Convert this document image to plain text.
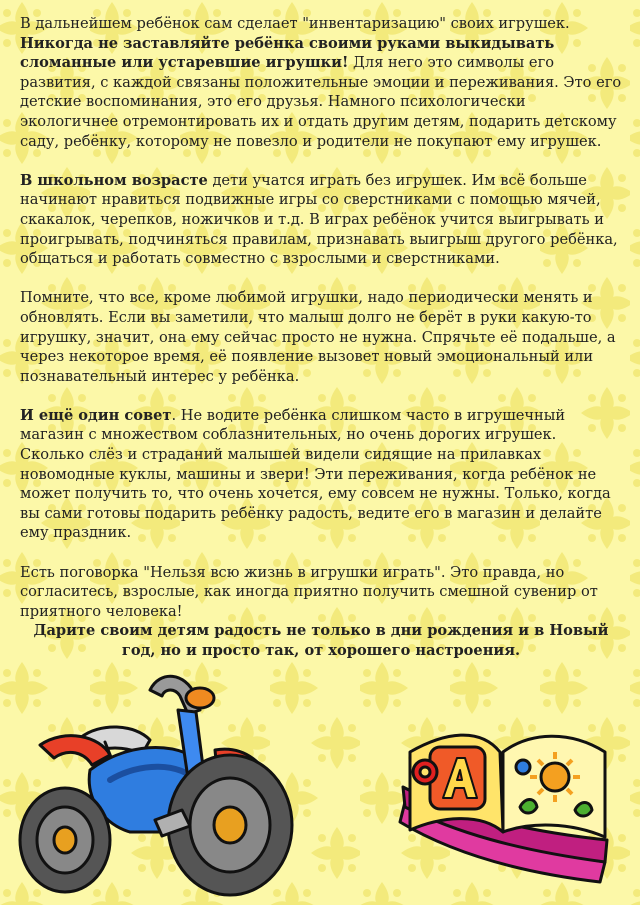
В дальнейшем ребёнок сам сделает "инвентаризацию" своих игрушек. Никогда не заставляйте ребёнка своими руками выкидывать сломанные или устаревшие игрушки! Для него это символы его развития, с каждой связаны положительные эмоции и переживания. Это его детские воспоминания, это его друзья. Намного психологически экологичнее отремонтировать их и отдать другим детям, подарить детскому саду, ребёнку, которому не повезло и родители не покупают ему игрушек.

В школьном возрасте дети учатся играть без игрушек. Им всё больше начинают нравиться подвижные игры со сверстниками с помощью мячей, скакалок, черепков, ножичков и т.д. В играх ребёнок учится выигрывать и проигрывать, подчиняться правилам, признавать выигрыш другого ребёнка, общаться и работать совместно с взрослыми и сверстниками.

Помните, что все, кроме любимой игрушки, надо периодически менять и обновлять. Если вы заметили, что малыш долго не берёт в руки какую-то игрушку, значит, она ему сейчас просто не нужна. Спрячьте её подальше, а через некоторое время, её появление вызовет новый эмоциональный или познавательный интерес у ребёнка.

И ещё один совет. Не водите ребёнка слишком часто в игрушечный магазин с множеством соблазнительных, но очень дорогих игрушек. Сколько слёз и страданий малышей видели сидящие на прилавках новомодные куклы, машины и звери! Эти переживания, когда ребёнок не может получить то, что очень хочется, ему совсем не нужны. Только, когда вы сами готовы подарить ребёнку радость, ведите его в магазин и делайте ему праздник.

Есть поговорка "Нельзя всю жизнь в игрушки играть". Это правда, но согласитесь, взрослые, как иногда приятно получить смешной сувенир от приятного человека!

Дарите своим детям радость не только в дни рождения и в Новый год, но и просто так, от хорошего настроения.
